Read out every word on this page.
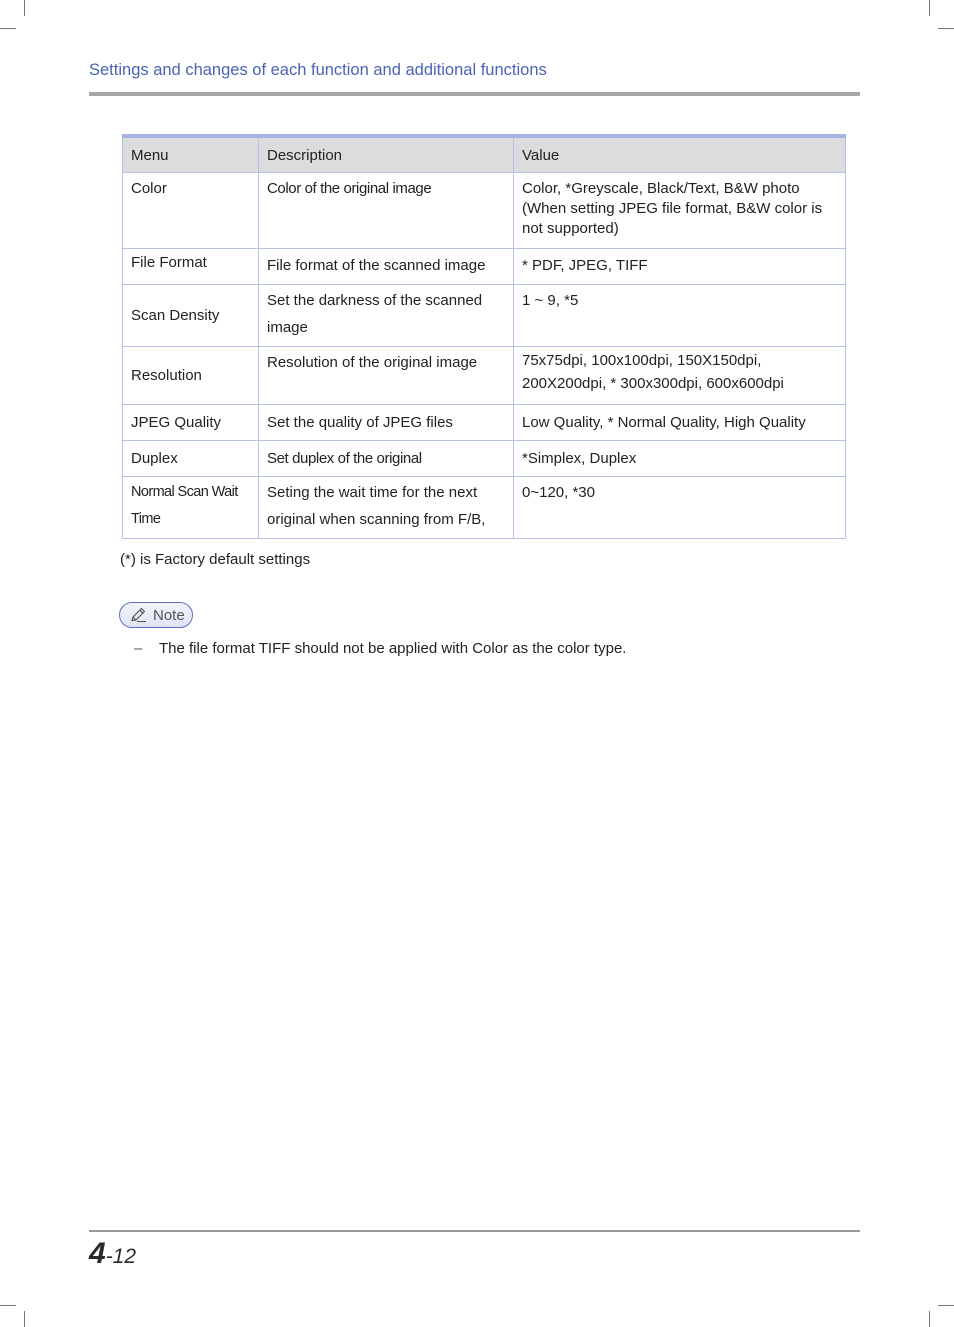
Settings and changes of each function and additional functions
Menu	Description	Value
Color	Color of the original image	Color, *Greyscale, Black/Text, B&W photo
(When setting JPEG file format, B&W color is not supported)
File Format	File format of the scanned image	* PDF, JPEG, TIFF
Scan Density	Set the darkness of the scanned image	1 ~ 9, *5
Resolution	Resolution of the original image	75x75dpi, 100x100dpi, 150X150dpi, 200X200dpi, * 300x300dpi, 600x600dpi
JPEG Quality	Set the quality of JPEG files	Low Quality, * Normal Quality, High Quality
Duplex	Set duplex of the original	*Simplex, Duplex
Normal Scan Wait Time	Seting the wait time for the next original when scanning from F/B,	0~120, *30
(*) is Factory default settings
Note
–	The file format TIFF should not be applied with Color as the color type.
4-12
